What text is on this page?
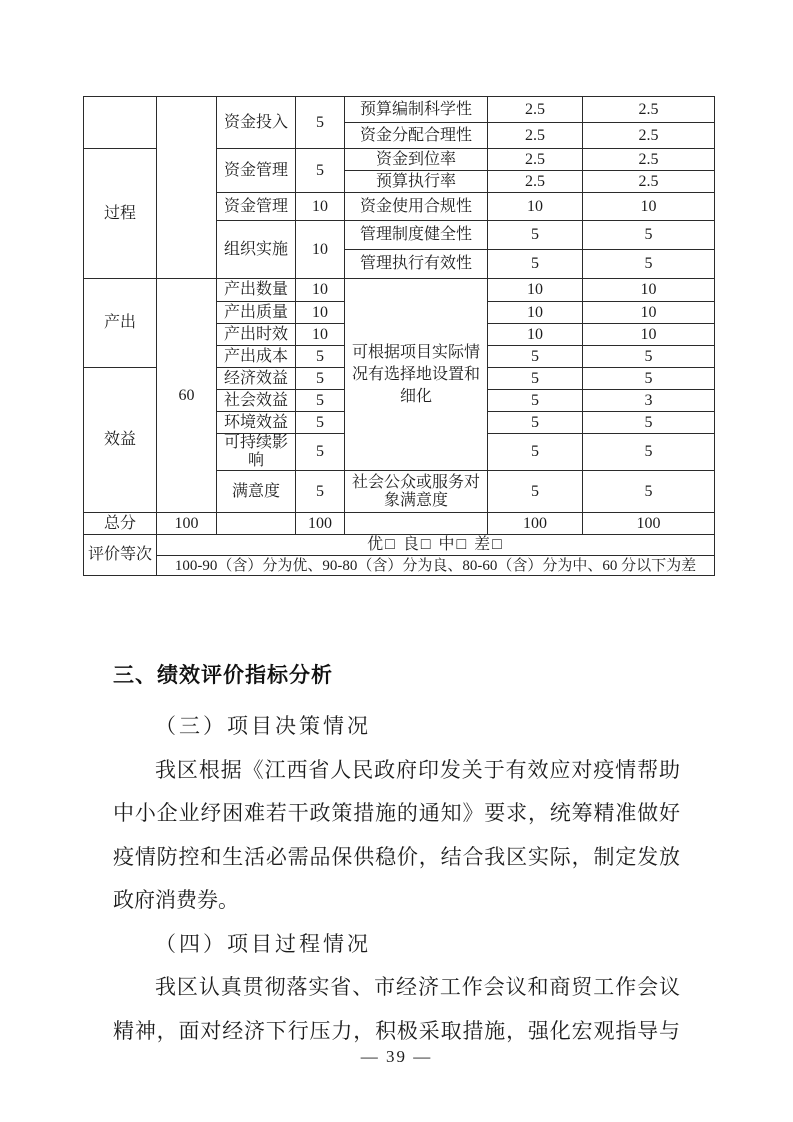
		资金投入	5	预算编制科学性	2.5	2.5
				资金分配合理性	2.5	2.5
过程		资金管理	5	资金到位率	2.5	2.5
				预算执行率	2.5	2.5
		资金管理	10	资金使用合规性	10	10
		组织实施	10	管理制度健全性	5	5
				管理执行有效性	5	5
产出	60	产出数量	10	可根据项目实际情况有选择地设置和细化	10	10
		产出质量	10		10	10
		产出时效	10		10	10
		产出成本	5		5	5
效益		经济效益	5		5	5
		社会效益	5		5	3
		环境效益	5		5	5
		可持续影响	5		5	5
		满意度	5	社会公众或服务对象满意度	5	5
总分	100		100		100	100
评价等次	优□ 良□ 中□ 差□					
	100-90（含）分为优、90-80（含）分为良、80-60（含）分为中、60 分以下为差					
三、绩效评价指标分析
（三）项目决策情况
我区根据《江西省人民政府印发关于有效应对疫情帮助
中小企业纾困难若干政策措施的通知》要求，统筹精准做好
疫情防控和生活必需品保供稳价，结合我区实际，制定发放
政府消费券。
（四）项目过程情况
我区认真贯彻落实省、市经济工作会议和商贸工作会议
精神，面对经济下行压力，积极采取措施，强化宏观指导与
— 39 —
